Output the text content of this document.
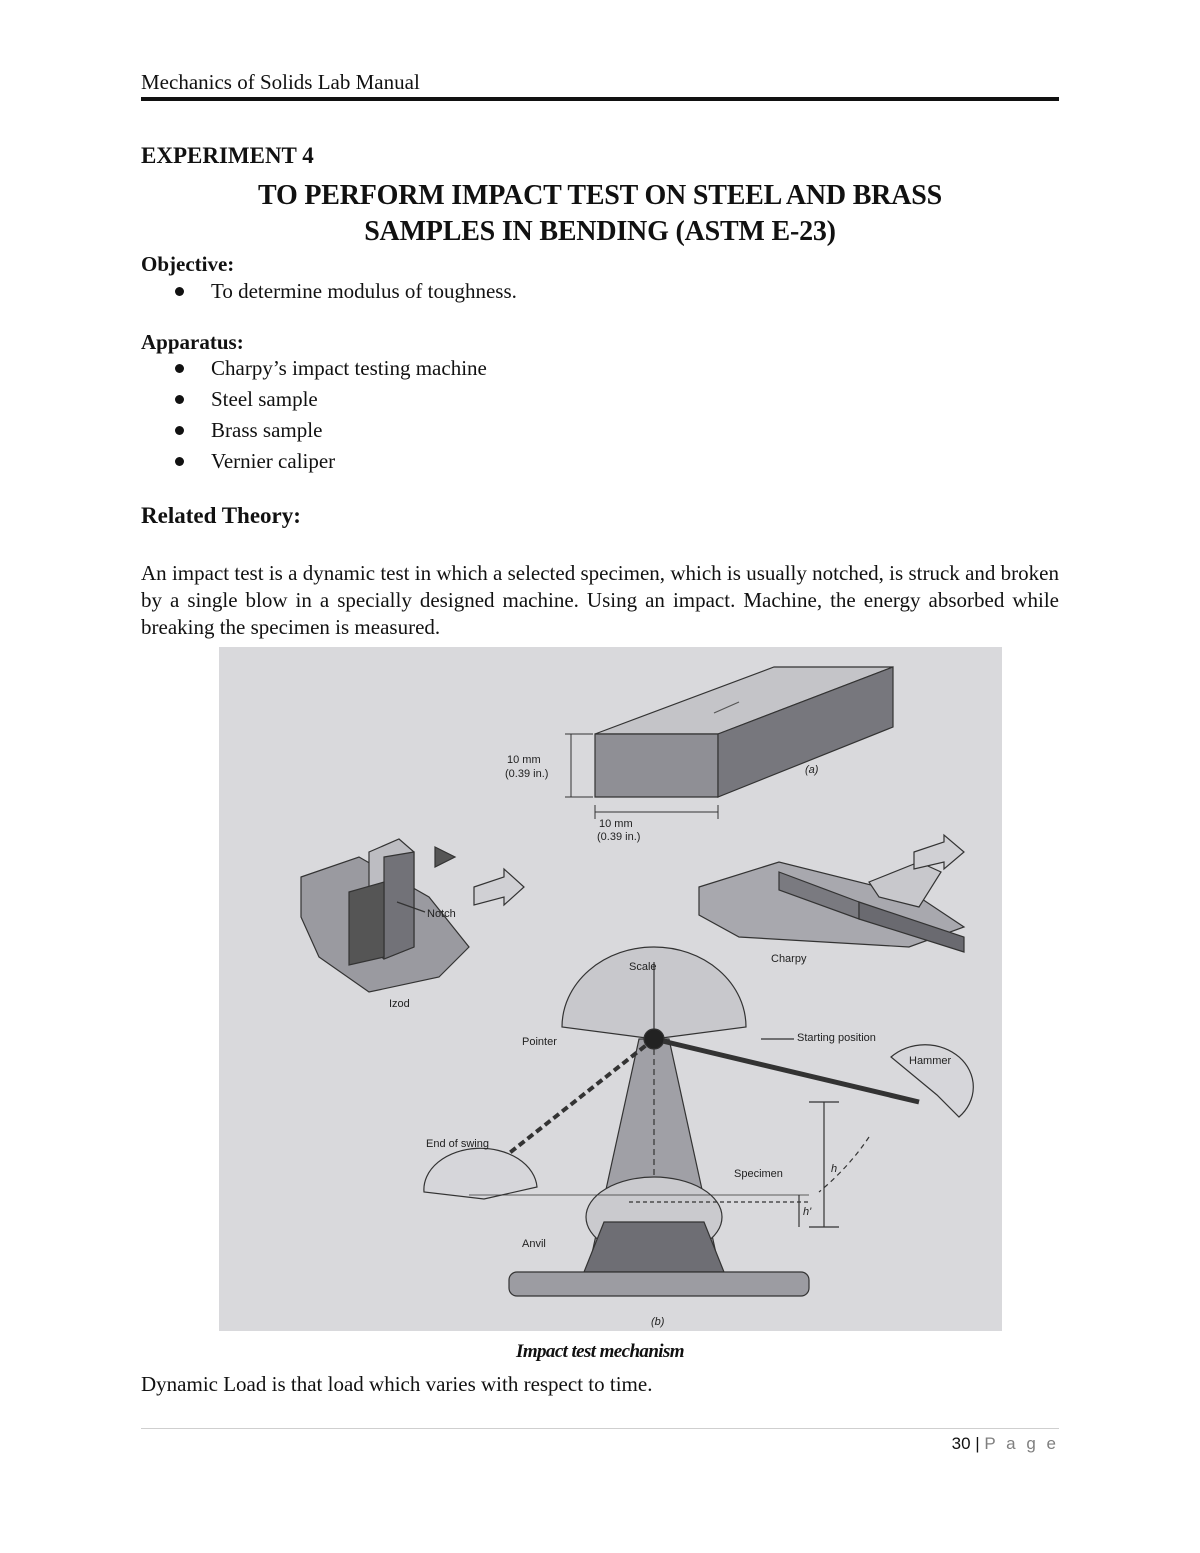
Mechanics of Solids Lab Manual
EXPERIMENT 4
TO PERFORM IMPACT TEST ON STEEL AND BRASS
SAMPLES IN BENDING (ASTM E-23)
Objective:
To determine modulus of toughness.
Apparatus:
Charpy’s impact testing machine
Steel sample
Brass sample
Vernier caliper
Related Theory:
An impact test is a dynamic test in which a selected specimen, which is usually notched, is struck and broken by a single blow in a specially designed machine. Using an impact. Machine, the energy absorbed while breaking the specimen is measured.
10 mm
(0.39 in.)
10 mm
(0.39 in.)
(a)
Notch
Izod
Charpy
Scale
Pointer	Starting position
Hammer
End of swing
Specimen
Anvil
h
h'
(b)
Impact test mechanism
Dynamic Load is that load which varies with respect to time.
30 | P a g e
